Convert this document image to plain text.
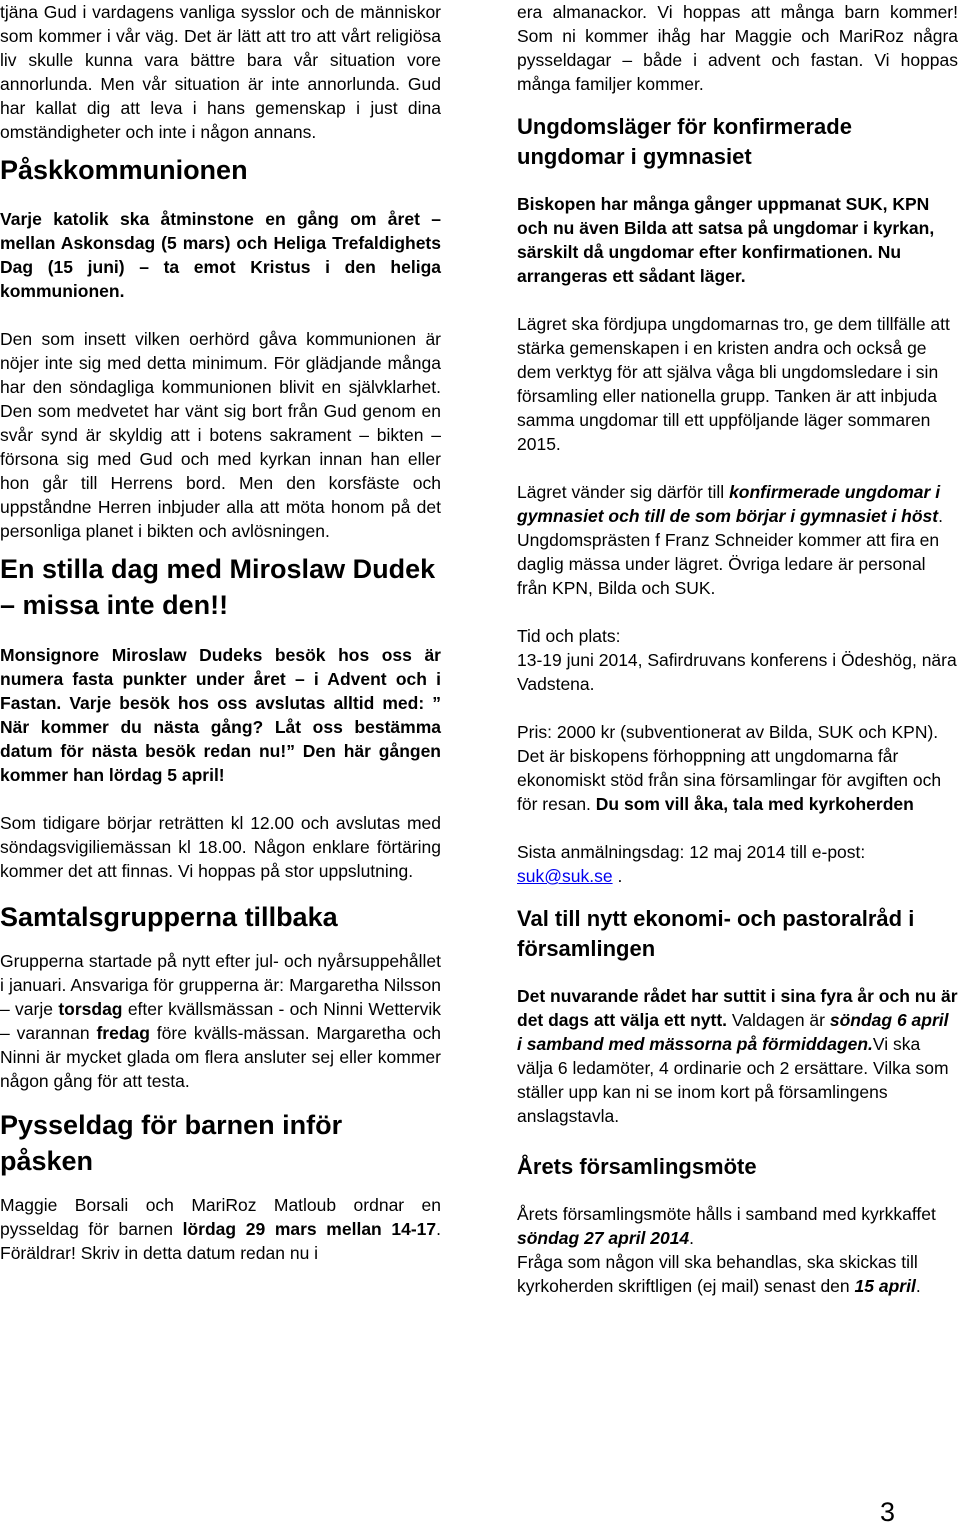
tjäna Gud i vardagens vanliga sysslor och de människor som kommer i vår väg. Det är lätt att tro att vårt religiösa liv skulle kunna vara bättre bara vår situation vore annorlunda. Men vår situation är inte annorlunda. Gud har kallat dig att leva i hans gemenskap i just dina omständigheter och inte i någon annans.

Påskkommunionen

Varje katolik ska åtminstone en gång om året – mellan Askonsdag (5 mars) och Heliga Trefaldighets Dag (15 juni) – ta emot Kristus i den heliga kommunionen.

Den som insett vilken oerhörd gåva kommunionen är nöjer inte sig med detta minimum. För glädjande många har den söndagliga kommunionen blivit en självklarhet. Den som medvetet har vänt sig bort från Gud genom en svår synd är skyldig att i botens sakrament – bikten – försona sig med Gud och med kyrkan innan han eller hon går till Herrens bord. Men den korsfäste och uppståndne Herren inbjuder alla att möta honom på det personliga planet i bikten och avlösningen.

En stilla dag med Miroslaw Dudek – missa inte den!!

Monsignore Miroslaw Dudeks besök hos oss är numera fasta punkter under året – i Advent och i Fastan. Varje besök hos oss avslutas alltid med: ” När kommer du nästa gång? Låt oss bestämma datum för nästa besök redan nu!” Den här gången kommer han lördag 5 april!

Som tidigare börjar reträtten kl 12.00 och avslutas med söndagsvigiliemässan kl 18.00. Någon enklare förtäring kommer det att finnas. Vi hoppas på stor uppslutning.

Samtalsgrupperna tillbaka

Grupperna startade på nytt efter jul- och nyårsuppehållet i januari. Ansvariga för grupperna är: Margaretha Nilsson – varje torsdag efter kvällsmässan - och Ninni Wettervik – varannan fredag före kvälls-mässan. Margaretha och Ninni är mycket glada om flera ansluter sej eller kommer någon gång för att testa.

Pysseldag för barnen inför påsken

Maggie Borsali och MariRoz Matloub ordnar en pysseldag för barnen lördag 29 mars mellan 14-17. Föräldrar! Skriv in detta datum redan nu i

era almanackor. Vi hoppas att många barn kommer! Som ni kommer ihåg har Maggie och MariRoz några pysseldagar – både i advent och fastan. Vi hoppas många familjer kommer.

Ungdomsläger för konfirmerade ungdomar i gymnasiet

Biskopen har många gånger uppmanat SUK, KPN och nu även Bilda att satsa på ungdomar i kyrkan, särskilt då ungdomar efter konfirmationen. Nu arrangeras ett sådant läger.

Lägret ska fördjupa ungdomarnas tro, ge dem tillfälle att stärka gemenskapen i en kristen andra och också ge dem verktyg för att själva våga bli ungdomsledare i sin församling eller nationella grupp. Tanken är att inbjuda samma ungdomar till ett uppföljande läger sommaren 2015.

Lägret vänder sig därför till konfirmerade ungdomar i gymnasiet och till de som börjar i gymnasiet i höst. Ungdomsprästen f Franz Schneider kommer att fira en daglig mässa under lägret. Övriga ledare är personal från KPN, Bilda och SUK.

Tid och plats:

13-19 juni 2014, Safirdruvans konferens i Ödeshög, nära Vadstena.

Pris: 2000 kr (subventionerat av Bilda, SUK och KPN). Det är biskopens förhoppning att ungdomarna får ekonomiskt stöd från sina församlingar för avgiften och för resan. Du som vill åka, tala med kyrkoherden

Sista anmälningsdag: 12 maj 2014 till e-post: suk@suk.se .

Val till nytt ekonomi- och pastoralråd i församlingen

Det nuvarande rådet har suttit i sina fyra år och nu är det dags att välja ett nytt. Valdagen är söndag 6 april i samband med mässorna på förmiddagen.Vi ska välja 6 ledamöter, 4 ordinarie och 2 ersättare. Vilka som ställer upp kan ni se inom kort på församlingens anslagstavla.

Årets församlingsmöte

Årets församlingsmöte hålls i samband med kyrkkaffet söndag 27 april 2014.
Fråga som någon vill ska behandlas, ska skickas till kyrkoherden skriftligen (ej mail) senast den 15 april.

3
